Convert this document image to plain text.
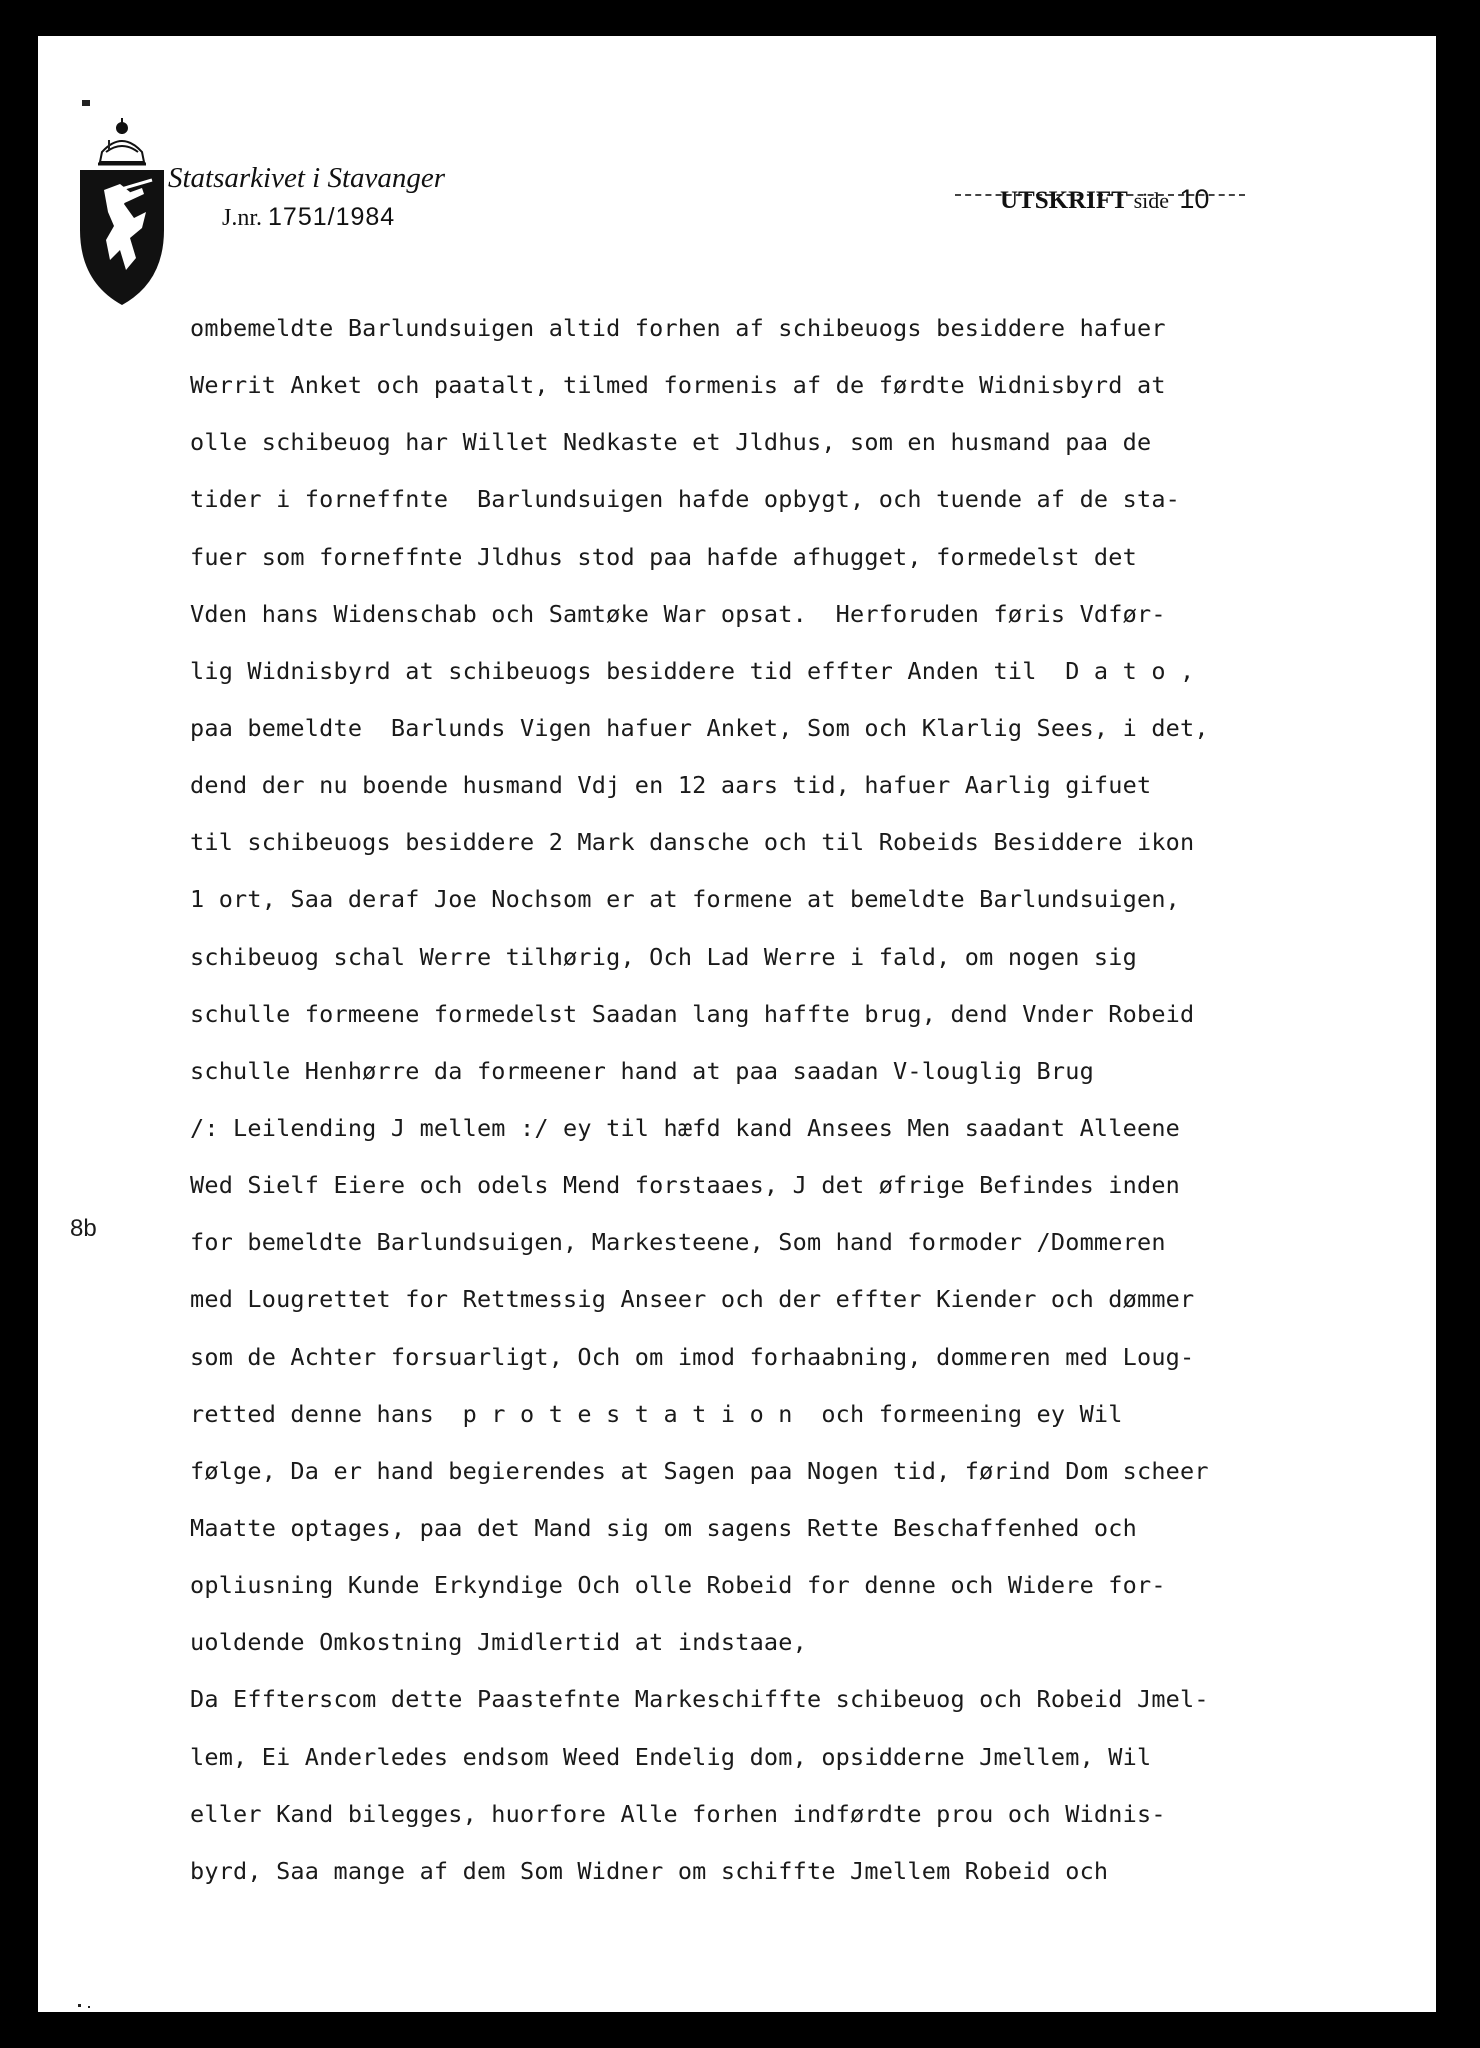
Statsarkivet i Stavanger
J.nr. 1751/1984
UTSKRIFT side 10
8b
ombemeldte Barlundsuigen altid forhen af schibeuogs besiddere hafuer
Werrit Anket och paatalt, tilmed formenis af de førdte Widnisbyrd at
olle schibeuog har Willet Nedkaste et Jldhus, som en husmand paa de
tider i forneffnte  Barlundsuigen hafde opbygt, och tuende af de sta-
fuer som forneffnte Jldhus stod paa hafde afhugget, formedelst det
Vden hans Widenschab och Samtøke War opsat.  Herforuden føris Vdfør-
lig Widnisbyrd at schibeuogs besiddere tid effter Anden til  D a t o ,
paa bemeldte  Barlunds Vigen hafuer Anket, Som och Klarlig Sees, i det,
dend der nu boende husmand Vdj en 12 aars tid, hafuer Aarlig gifuet
til schibeuogs besiddere 2 Mark dansche och til Robeids Besiddere ikon
1 ort, Saa deraf Joe Nochsom er at formene at bemeldte Barlundsuigen,
schibeuog schal Werre tilhørig, Och Lad Werre i fald, om nogen sig
schulle formeene formedelst Saadan lang haffte brug, dend Vnder Robeid
schulle Henhørre da formeener hand at paa saadan V-louglig Brug
/: Leilending J mellem :/ ey til hæfd kand Ansees Men saadant Alleene
Wed Sielf Eiere och odels Mend forstaaes, J det øfrige Befindes inden
for bemeldte Barlundsuigen, Markesteene, Som hand formoder /Dommeren
med Lougrettet for Rettmessig Anseer och der effter Kiender och dømmer
som de Achter forsuarligt, Och om imod forhaabning, dommeren med Loug-
retted denne hans  p r o t e s t a t i o n  och formeening ey Wil
følge, Da er hand begierendes at Sagen paa Nogen tid, førind Dom scheer
Maatte optages, paa det Mand sig om sagens Rette Beschaffenhed och
opliusning Kunde Erkyndige Och olle Robeid for denne och Widere for-
uoldende Omkostning Jmidlertid at indstaae,
Da Effterscom dette Paastefnte Markeschiffte schibeuog och Robeid Jmel-
lem, Ei Anderledes endsom Weed Endelig dom, opsidderne Jmellem, Wil
eller Kand bilegges, huorfore Alle forhen indførdte prou och Widnis-
byrd, Saa mange af dem Som Widner om schiffte Jmellem Robeid och
